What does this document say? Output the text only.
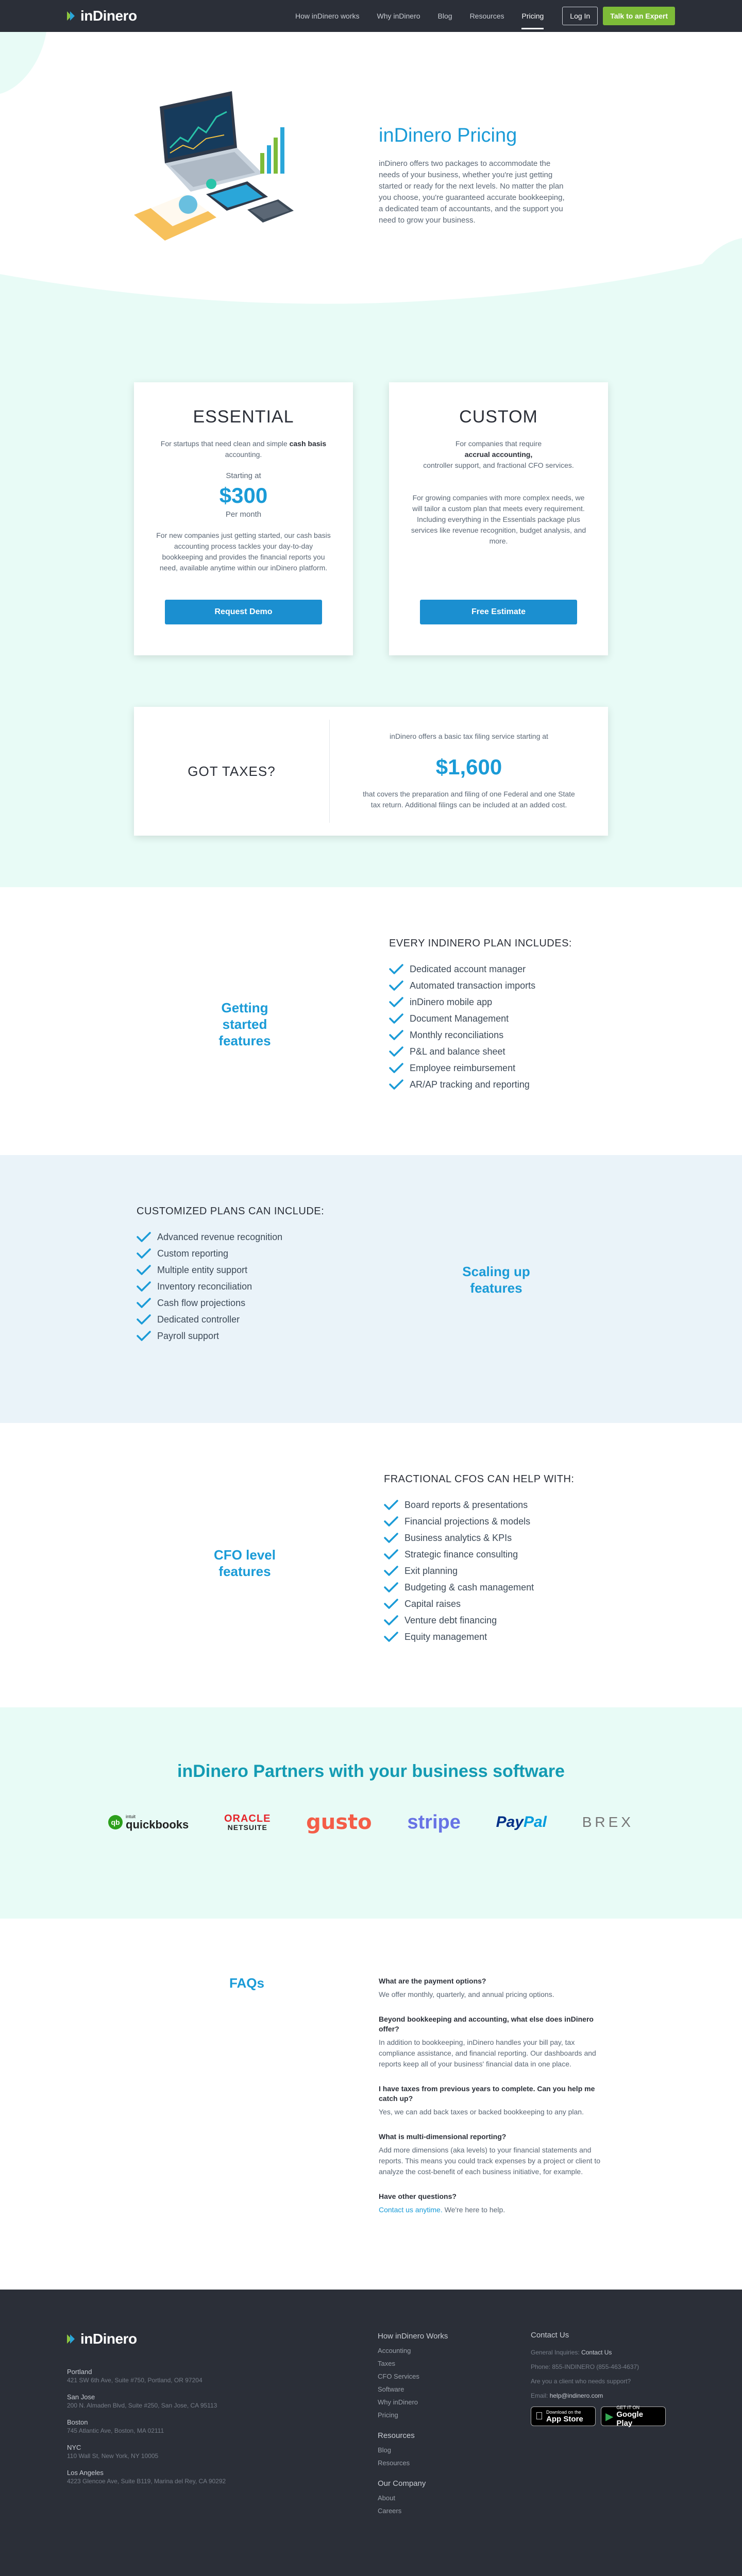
inDinero	How inDinero works Why inDinero Blog Resources Pricing	Log In	Talk to an Expert
inDinero Pricing

inDinero offers two packages to accommodate the needs of your business, whether you're just getting started or ready for the next levels. No matter the plan you choose, you're guaranteed accurate bookkeeping, a dedicated team of accountants, and the support you need to grow your business.

ESSENTIAL
For startups that need clean and simple cash basis accounting.
Starting at
$300
Per month
For new companies just getting started, our cash basis accounting process tackles your day-to-day bookkeeping and provides the financial reports you need, available anytime within our inDinero platform.
Request Demo
CUSTOM
For companies that require
accrual accounting,
controller support, and fractional CFO services.
For growing companies with more complex needs, we will tailor a custom plan that meets every requirement. Including everything in the Essentials package plus services like revenue recognition, budget analysis, and more.
Free Estimate
GOT TAXES?
inDinero offers a basic tax filing service starting at
$1,600
that covers the preparation and filing of one Federal and one State tax return. Additional filings can be included at an added cost.
Getting started
features
EVERY INDINERO PLAN INCLUDES:
Dedicated account manager
Automated transaction imports
inDinero mobile app
Document Management
Monthly reconciliations
P&L and balance sheet
Employee reimbursement
AR/AP tracking and reporting
CUSTOMIZED PLANS CAN INCLUDE:
Advanced revenue recognition
Custom reporting
Multiple entity support
Inventory reconciliation
Cash flow projections
Dedicated controller
Payroll support
Scaling up
features
CFO level
features
FRACTIONAL CFOS CAN HELP WITH:
Board reports & presentations
Financial projections & models
Business analytics & KPIs
Strategic finance consulting
Exit planning
Budgeting & cash management
Capital raises
Venture debt financing
Equity management
inDinero Partners with your business software
qb
intuit
quickbooks	ORACLE
NETSUITE gusto stripe PayPal BREX
FAQs	What are the payment options?
We offer monthly, quarterly, and annual pricing options.
Beyond bookkeeping and accounting, what else does inDinero offer?
In addition to bookkeeping, inDinero handles your bill pay, tax compliance assistance, and financial reporting. Our dashboards and reports keep all of your business' financial data in one place.
I have taxes from previous years to complete. Can you help me catch up?
Yes, we can add back taxes or backed bookkeeping to any plan.
What is multi-dimensional reporting?
Add more dimensions (aka levels) to your financial statements and reports. This means you could track expenses by a project or client to analyze the cost-benefit of each business initiative, for example.
Have other questions?
Contact us anytime. We're here to help.
inDinero
Portland
421 SW 6th Ave, Suite #750, Portland, OR 97204
San Jose
200 N. Almaden Blvd, Suite #250, San Jose, CA 95113
Boston
745 Atlantic Ave, Boston, MA 02111
NYC
110 Wall St, New York, NY 10005
Los Angeles
4223 Glencoe Ave, Suite B119, Marina del Rey, CA 90292
How inDinero Works
Accounting
Taxes
CFO Services
Software
Why inDinero
Pricing
Resources
Blog
Resources
Our Company
About
Careers
Contact Us
General Inquiries: Contact Us
Phone: 855-INDINERO (855-463-4637)
Are you a client who needs support?
Email: help@indinero.com
Download on the
App Store	▶
GET IT ON
Google Play
